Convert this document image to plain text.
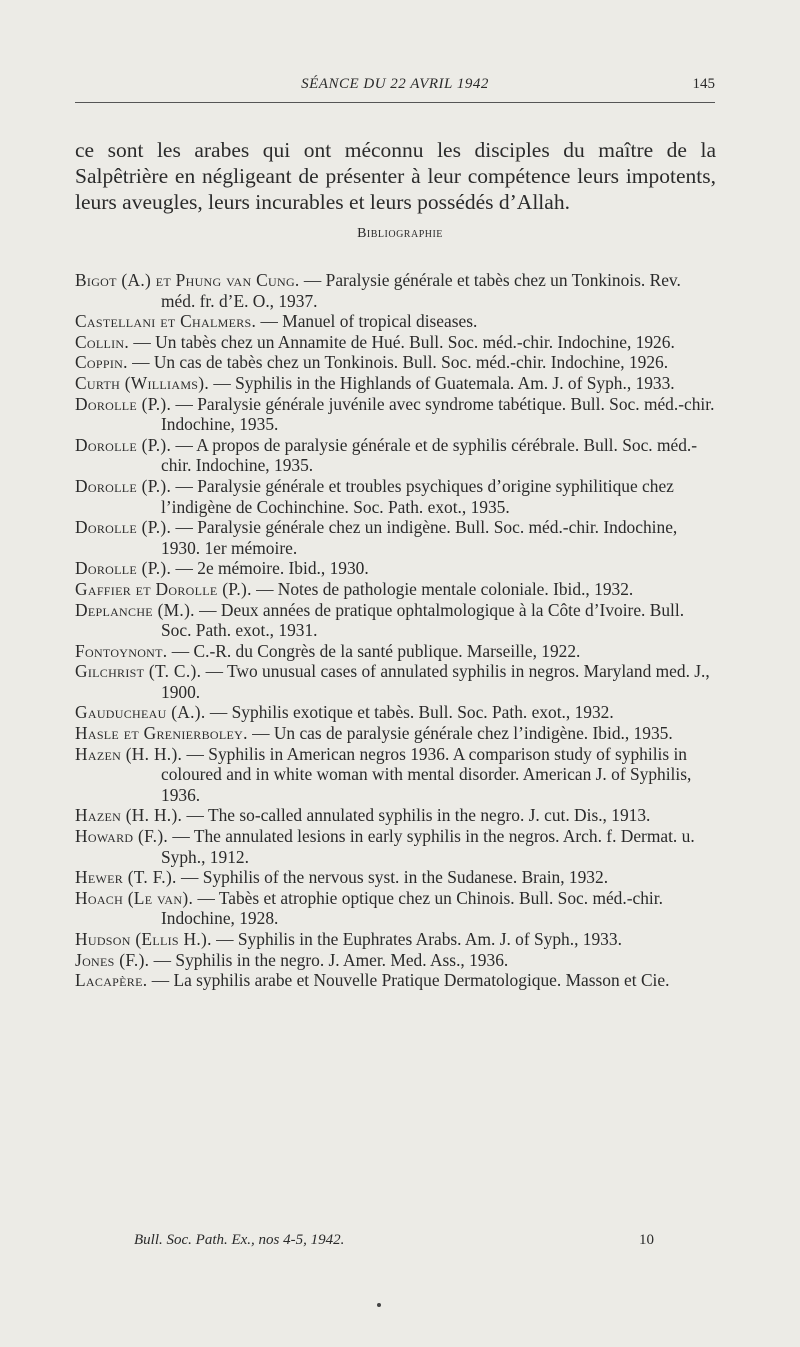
SÉANCE DU 22 AVRIL 1942	145

ce sont les arabes qui ont méconnu les disciples du maître de la Salpêtrière en négligeant de présenter à leur compétence leurs impotents, leurs aveugles, leurs incurables et leurs possédés d’Allah.

Bibliographie

Bigot (A.) et Phung van Cung. — Paralysie générale et tabès chez un Tonkinois. Rev. méd. fr. d’E. O., 1937.

Castellani et Chalmers. — Manuel of tropical diseases.

Collin. — Un tabès chez un Annamite de Hué. Bull. Soc. méd.-chir. Indochine, 1926.

Coppin. — Un cas de tabès chez un Tonkinois. Bull. Soc. méd.-chir. Indochine, 1926.

Curth (Williams). — Syphilis in the Highlands of Guatemala. Am. J. of Syph., 1933.

Dorolle (P.). — Paralysie générale juvénile avec syndrome tabétique. Bull. Soc. méd.-chir. Indochine, 1935.

Dorolle (P.). — A propos de paralysie générale et de syphilis cérébrale. Bull. Soc. méd.-chir. Indochine, 1935.

Dorolle (P.). — Paralysie générale et troubles psychiques d’origine syphilitique chez l’indigène de Cochinchine. Soc. Path. exot., 1935.

Dorolle (P.). — Paralysie générale chez un indigène. Bull. Soc. méd.-chir. Indochine, 1930. 1er mémoire.

Dorolle (P.). — 2e mémoire. Ibid., 1930.

Gaffier et Dorolle (P.). — Notes de pathologie mentale coloniale. Ibid., 1932.

Deplanche (M.). — Deux années de pratique ophtalmologique à la Côte d’Ivoire. Bull. Soc. Path. exot., 1931.

Fontoynont. — C.-R. du Congrès de la santé publique. Marseille, 1922.

Gilchrist (T. C.). — Two unusual cases of annulated syphilis in negros. Maryland med. J., 1900.

Gauducheau (A.). — Syphilis exotique et tabès. Bull. Soc. Path. exot., 1932.

Hasle et Grenierboley. — Un cas de paralysie générale chez l’indigène. Ibid., 1935.

Hazen (H. H.). — Syphilis in American negros 1936. A comparison study of syphilis in coloured and in white woman with mental disorder. American J. of Syphilis, 1936.

Hazen (H. H.). — The so-called annulated syphilis in the negro. J. cut. Dis., 1913.

Howard (F.). — The annulated lesions in early syphilis in the negros. Arch. f. Dermat. u. Syph., 1912.

Hewer (T. F.). — Syphilis of the nervous syst. in the Sudanese. Brain, 1932.

Hoach (Le van). — Tabès et atrophie optique chez un Chinois. Bull. Soc. méd.-chir. Indochine, 1928.

Hudson (Ellis H.). — Syphilis in the Euphrates Arabs. Am. J. of Syph., 1933.

Jones (F.). — Syphilis in the negro. J. Amer. Med. Ass., 1936.

Lacapère. — La syphilis arabe et Nouvelle Pratique Dermatologique. Masson et Cie.

Bull. Soc. Path. Ex., nos 4-5, 1942.	10
